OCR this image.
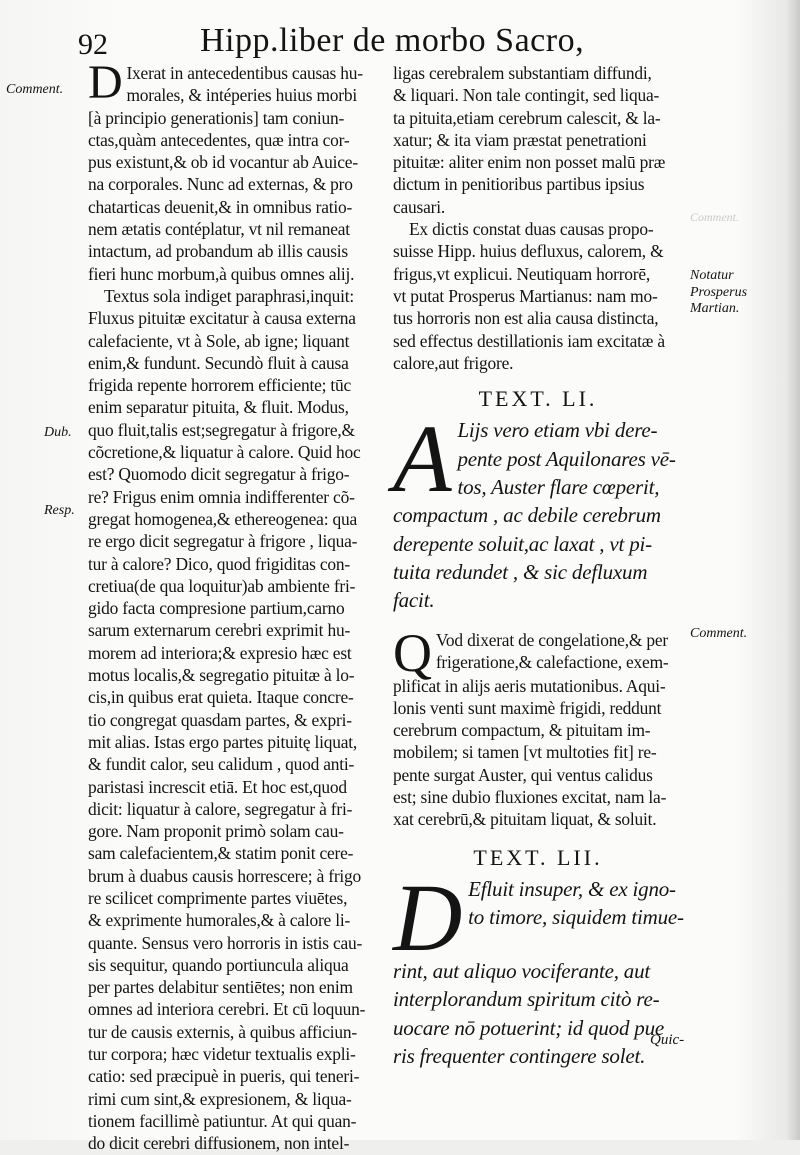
92	Hipp.liber de morbo Sacro,
Comment.
Dub.
Resp.
Notatur
Prosperus
Martian.
Comment.
Comment.
D Ixerat in antecedentibus causas hu-
morales, & intéperies huius morbi
[à principio generationis] tam coniun-
ctas,quàm antecedentes, quæ intra cor-
pus existunt,& ob id vocantur ab Auice-
na corporales. Nunc ad externas, & pro
chatarticas deuenit,& in omnibus ratio-
nem ætatis contéplatur, vt nil remaneat
intactum, ad probandum ab illis causis
fieri hunc morbum,à quibus omnes alij.
Textus sola indiget paraphrasi,inquit:
Fluxus pituitæ excitatur à causa externa
calefaciente, vt à Sole, ab igne; liquant
enim,& fundunt. Secundò fluit à causa
frigida repente horrorem efficiente; tūc
enim separatur pituita, & fluit. Modus,
quo fluit,talis est;segregatur à frigore,&
cõcretione,& liquatur à calore. Quid hoc
est? Quomodo dicit segregatur à frigo-
re? Frigus enim omnia indifferenter cõ-
gregat homogenea,& ethereogenea: qua
re ergo dicit segregatur à frigore , liqua-
tur à calore? Dico, quod frigiditas con-
cretiua(de qua loquitur)ab ambiente fri-
gido facta compresione partium,carno
sarum externarum cerebri exprimit hu-
morem ad interiora;& expresio hæc est
motus localis,& segregatio pituitæ à lo-
cis,in quibus erat quieta. Itaque concre-
tio congregat quasdam partes, & expri-
mit alias. Istas ergo partes pituitę liquat,
& fundit calor, seu calidum , quod anti-
paristasi increscit etiā. Et hoc est,quod
dicit: liquatur à calore, segregatur à fri-
gore. Nam proponit primò solam cau-
sam calefacientem,& statim ponit cere-
brum à duabus causis horrescere; à frigo
re scilicet comprimente partes viuētes,
& exprimente humorales,& à calore li-
quante. Sensus vero horroris in istis cau-
sis sequitur, quando portiuncula aliqua
per partes delabitur sentiētes; non enim
omnes ad interiora cerebri. Et cū loquun-
tur de causis externis, à quibus afficiun-
tur corpora; hæc videtur textualis expli-
catio: sed præcipuè in pueris, qui teneri-
rimi cum sint,& expresionem, & liqua-
tionem facillimè patiuntur. At qui quan-
do dicit cerebri diffusionem, non intel-
ligas cerebralem substantiam diffundi,
& liquari. Non tale contingit, sed liqua-
ta pituita,etiam cerebrum calescit, & la-
xatur; & ita viam præstat penetrationi
pituitæ: aliter enim non posset malū præ
dictum in penitioribus partibus ipsius
causari.
Ex dictis constat duas causas propo-
suisse Hipp. huius defluxus, calorem, &
frigus,vt explicui. Neutiquam horrorē,
vt putat Prosperus Martianus: nam mo-
tus horroris non est alia causa distincta,
sed effectus destillationis iam excitatæ à
calore,aut frigore.
TEXT. LI.
A Lijs vero etiam vbi dere-
pente post Aquilonares vē-
tos, Auster flare cœperit,
compactum , ac debile cerebrum
derepente soluit,ac laxat , vt pi-
tuita redundet , & sic defluxum
facit.
Q Vod dixerat de congelatione,& per
frigeratione,& calefactione, exem-
plificat in alijs aeris mutationibus. Aqui-
lonis venti sunt maximè frigidi, reddunt
cerebrum compactum, & pituitam im-
mobilem; si tamen [vt multoties fit] re-
pente surgat Auster, qui ventus calidus
est; sine dubio fluxiones excitat, nam la-
xat cerebrū,& pituitam liquat, & soluit.
TEXT. LII.
D Efluit insuper, & ex igno-
to timore, siquidem timue-
rint, aut aliquo vociferante, aut
interplorandum spiritum citò re-
uocare nō potuerint; id quod pue
ris frequenter contingere solet.
Quic-
